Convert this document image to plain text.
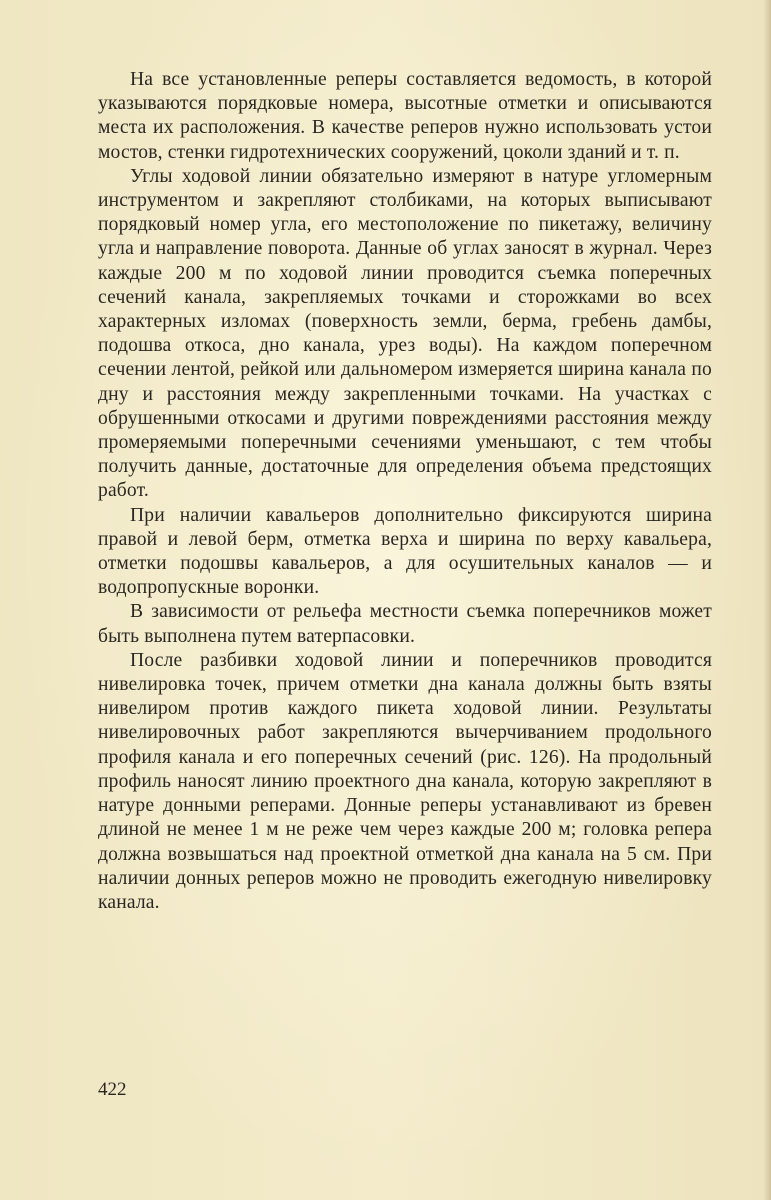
На все установленные реперы составляется ведомость, в которой указываются порядковые номера, высотные отметки и описываются места их расположения. В качестве реперов нужно использовать устои мостов, стенки гидротехнических сооружений, цоколи зданий и т. п.

Углы ходовой линии обязательно измеряют в натуре угломерным инструментом и закрепляют столбиками, на которых выписывают порядковый номер угла, его местоположение по пикетажу, величину угла и направление поворота. Данные об углах заносят в журнал. Через каждые 200 м по ходовой линии проводится съемка поперечных сечений канала, закрепляемых точками и сторожками во всех характерных изломах (поверхность земли, берма, гребень дамбы, подошва откоса, дно канала, урез воды). На каждом поперечном сечении лентой, рейкой или дальномером измеряется ширина канала по дну и расстояния между закрепленными точками. На участках с обрушенными откосами и другими повреждениями расстояния между промеряемыми поперечными сечениями уменьшают, с тем чтобы получить данные, достаточные для определения объема предстоящих работ.

При наличии кавальеров дополнительно фиксируются ширина правой и левой берм, отметка верха и ширина по верху кавальера, отметки подошвы кавальеров, а для осушительных каналов — и водопропускные воронки.

В зависимости от рельефа местности съемка поперечников может быть выполнена путем ватерпасовки.

После разбивки ходовой линии и поперечников проводится нивелировка точек, причем отметки дна канала должны быть взяты нивелиром против каждого пикета ходовой линии. Результаты нивелировочных работ закрепляются вычерчиванием продольного профиля канала и его поперечных сечений (рис. 126). На продольный профиль наносят линию проектного дна канала, которую закрепляют в натуре донными реперами. Донные реперы устанавливают из бревен длиной не менее 1 м не реже чем через каждые 200 м; головка репера должна возвышаться над проектной отметкой дна канала на 5 см. При наличии донных реперов можно не проводить ежегодную нивелировку канала.

422
